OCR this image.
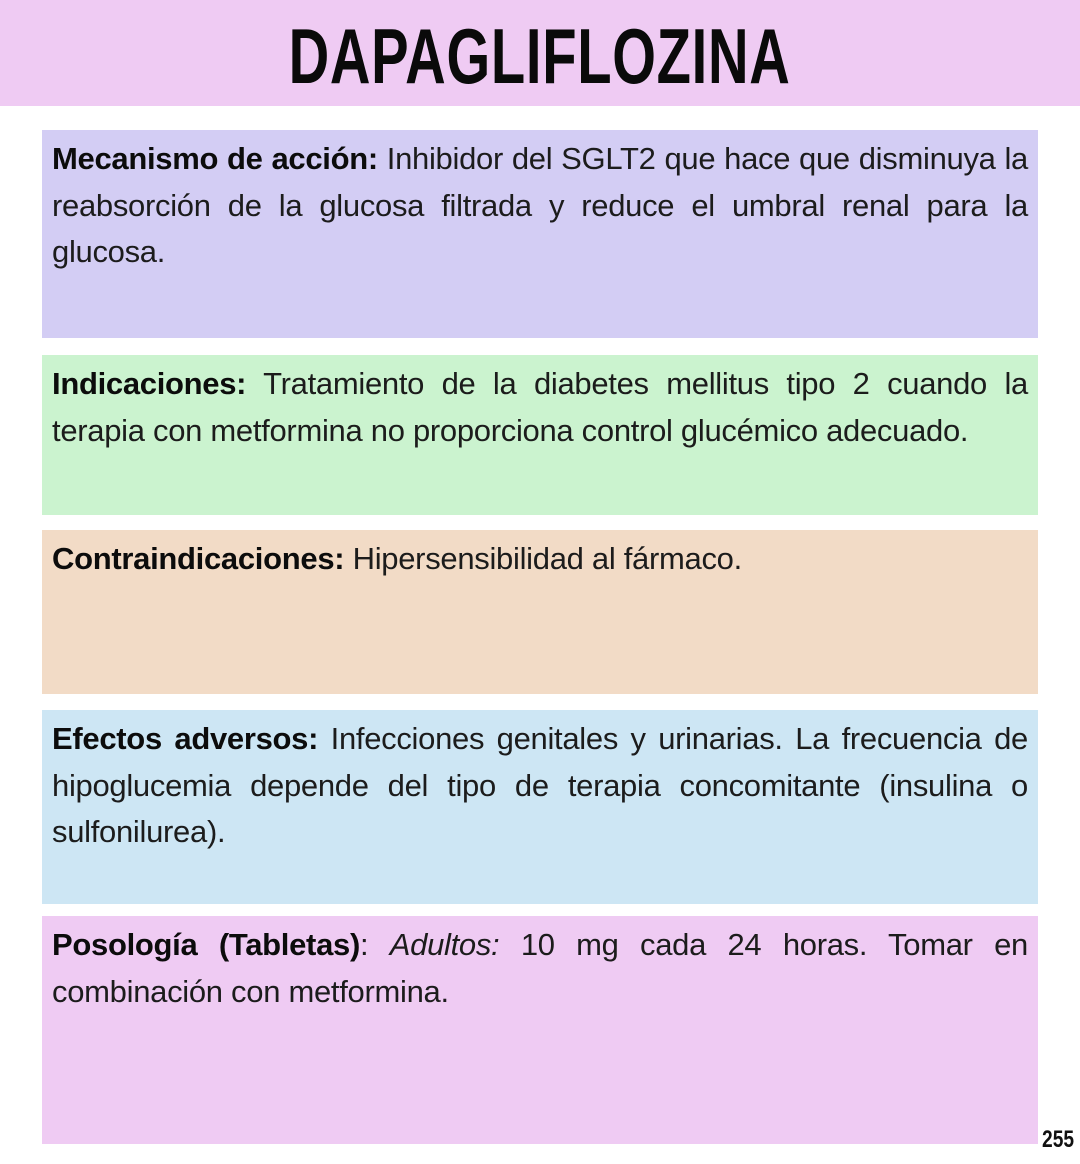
DAPAGLIFLOZINA
Mecanismo de acción: Inhibidor del SGLT2 que hace que disminuya la reabsorción de la glucosa filtrada y reduce el umbral renal para la glucosa.
Indicaciones: Tratamiento de la diabetes mellitus tipo 2 cuando la terapia con metformina no proporciona control glucémico adecuado.
Contraindicaciones: Hipersensibilidad al fármaco.
Efectos adversos: Infecciones genitales y urinarias. La frecuencia de hipoglucemia depende del tipo de terapia concomitante (insulina o sulfonilurea).
Posología (Tabletas): Adultos: 10 mg cada 24 horas. Tomar en combinación con metformina.
255
